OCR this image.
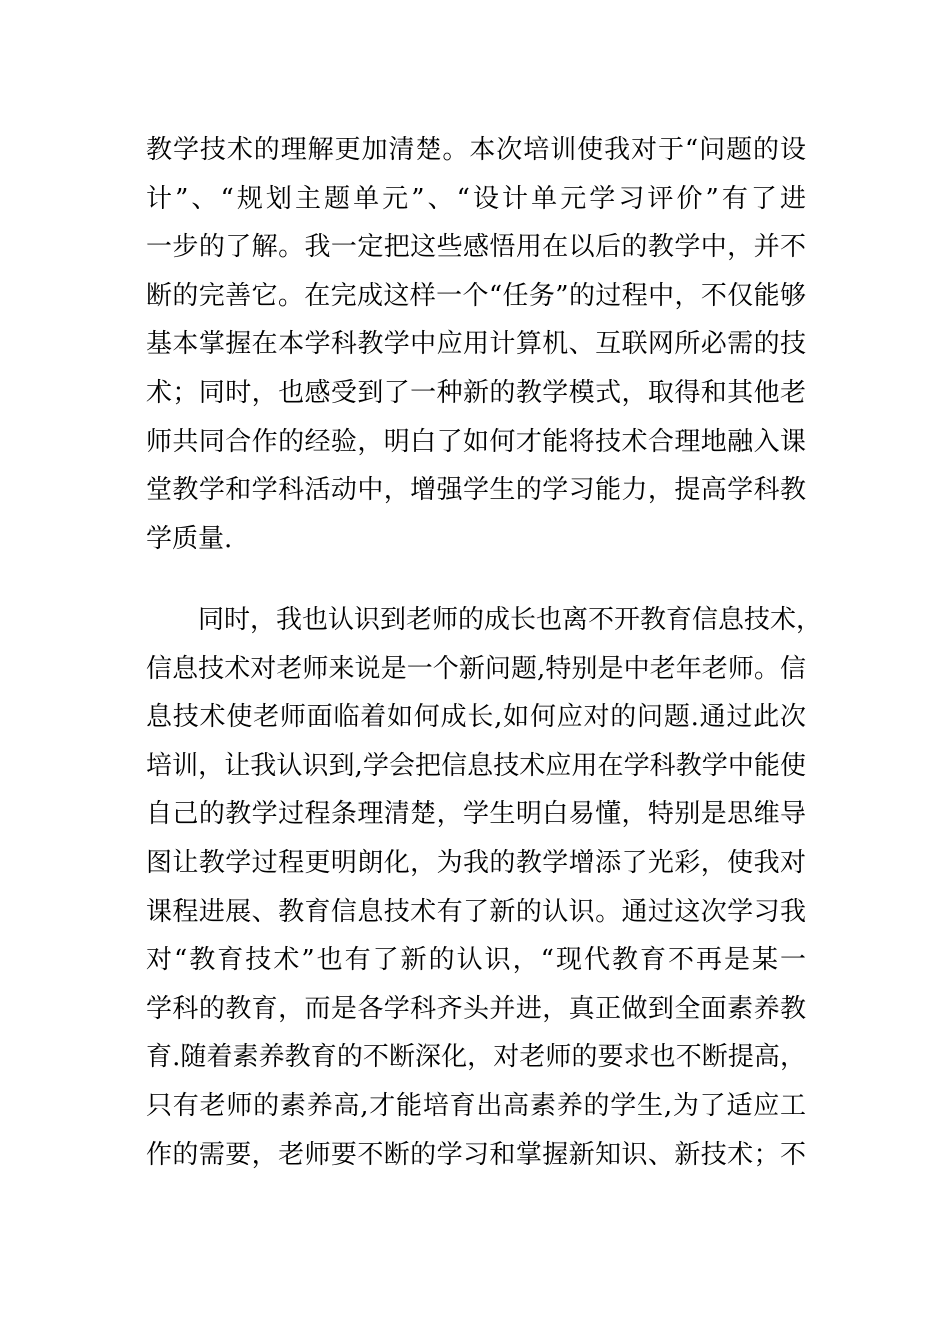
教学技术的理解更加清楚。本次培训使我对于“问题的设
计”、“规划主题单元”、“设计单元学习评价”有了进
一步的了解。我一定把这些感悟用在以后的教学中，并不
断的完善它。在完成这样一个“任务”的过程中，不仅能够
基本掌握在本学科教学中应用计算机、互联网所必需的技
术；同时，也感受到了一种新的教学模式，取得和其他老
师共同合作的经验，明白了如何才能将技术合理地融入课
堂教学和学科活动中，增强学生的学习能力，提高学科教
学质量.
　　同时，我也认识到老师的成长也离不开教育信息技术，
信息技术对老师来说是一个新问题,特别是中老年老师。信
息技术使老师面临着如何成长,如何应对的问题.通过此次
培训，让我认识到,学会把信息技术应用在学科教学中能使
自己的教学过程条理清楚，学生明白易懂，特别是思维导
图让教学过程更明朗化，为我的教学增添了光彩，使我对
课程进展、教育信息技术有了新的认识。通过这次学习我
对“教育技术”也有了新的认识，“现代教育不再是某一
学科的教育，而是各学科齐头并进，真正做到全面素养教
育.随着素养教育的不断深化，对老师的要求也不断提高，
只有老师的素养高,才能培育出高素养的学生,为了适应工
作的需要，老师要不断的学习和掌握新知识、新技术；不
